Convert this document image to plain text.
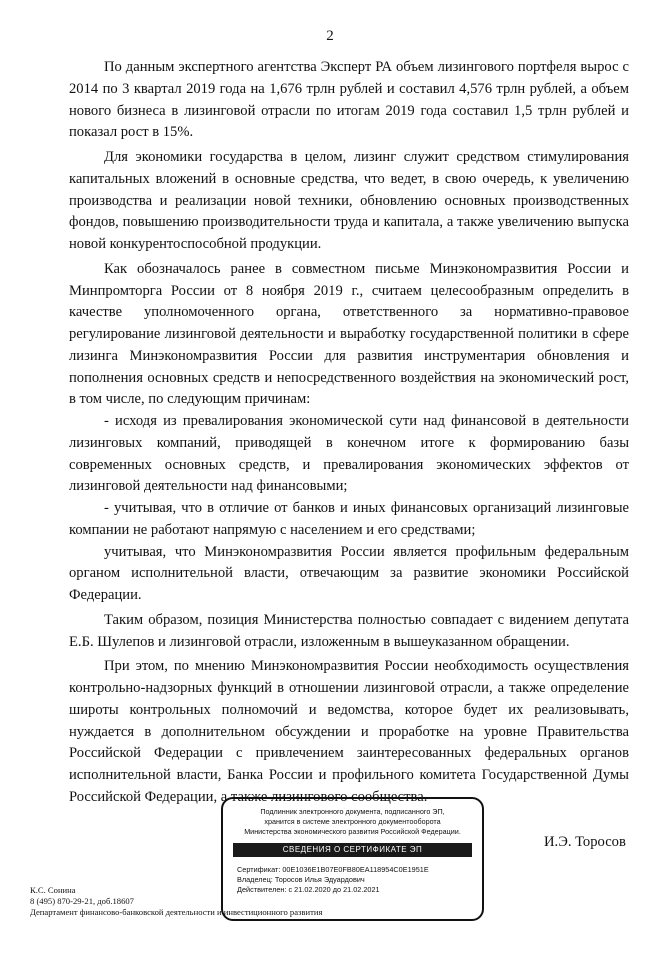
2

По данным экспертного агентства Эксперт РА объем лизингового портфеля вырос с 2014 по 3 квартал 2019 года на 1,676 трлн рублей и составил 4,576 трлн рублей, а объем нового бизнеса в лизинговой отрасли по итогам 2019 года составил 1,5 трлн рублей и показал рост в 15%.

Для экономики государства в целом, лизинг служит средством стимулирования капитальных вложений в основные средства, что ведет, в свою очередь, к увеличению производства и реализации новой техники, обновлению основных производственных фондов, повышению производительности труда и капитала, а также увеличению выпуска новой конкурентоспособной продукции.

Как обозначалось ранее в совместном письме Минэкономразвития России и Минпромторга России от 8 ноября 2019 г., считаем целесообразным определить в качестве уполномоченного органа, ответственного за нормативно-правовое регулирование лизинговой деятельности и выработку государственной политики в сфере лизинга Минэкономразвития России для развития инструментария обновления и пополнения основных средств и непосредственного воздействия на экономический рост, в том числе, по следующим причинам:

- исходя из превалирования экономической сути над финансовой в деятельности лизинговых компаний, приводящей в конечном итоге к формированию базы современных основных средств, и превалирования экономических эффектов от лизинговой деятельности над финансовыми;

- учитывая, что в отличие от банков и иных финансовых организаций лизинговые компании не работают напрямую с населением и его средствами;

учитывая, что Минэкономразвития России является профильным федеральным органом исполнительной власти, отвечающим за развитие экономики Российской Федерации.

Таким образом, позиция Министерства полностью совпадает с видением депутата Е.Б. Шулепов и лизинговой отрасли, изложенным в вышеуказанном обращении.

При этом, по мнению Минэкономразвития России необходимость осуществления контрольно-надзорных функций в отношении лизинговой отрасли, а также определение широты контрольных полномочий и ведомства, которое будет их реализовывать, нуждается в дополнительном обсуждении и проработке на уровне Правительства Российской Федерации с привлечением заинтересованных федеральных органов исполнительной власти, Банка России и профильного комитета Государственной Думы Российской Федерации, а также лизингового сообщества.

Подлинник электронного документа, подписанного ЭП,
хранится в системе электронного документооборота
Министерства экономического развития Российской Федерации.
СВЕДЕНИЯ О СЕРТИФИКАТЕ ЭП
Сертификат: 00E1036E1B07E0FB80EA118954C0E1951E
Владелец: Торосов Илья Эдуардович
Действителен: с 21.02.2020 до 21.02.2021
И.Э. Торосов
К.С. Сонина
8 (495) 870-29-21, доб.18607
Департамент финансово-банковской деятельности и инвестиционного развития
